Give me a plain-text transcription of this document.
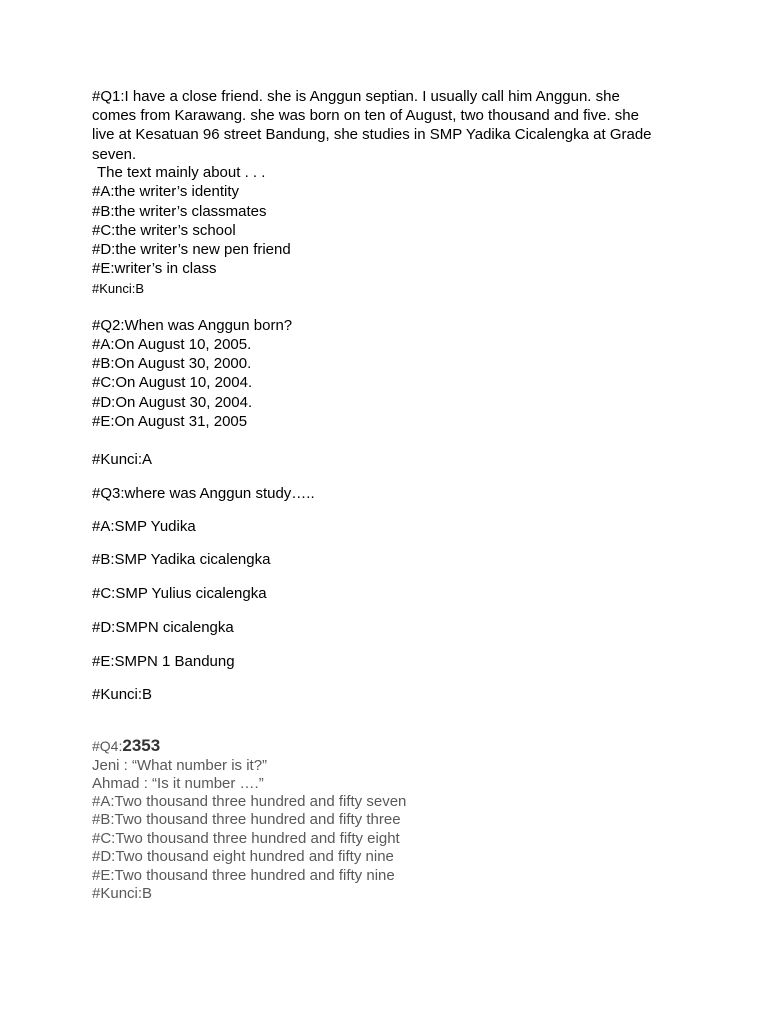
#Q1:I have a close friend. she is Anggun septian. I usually call him Anggun. she
comes from Karawang. she was born on ten of August, two thousand and five. she
live at Kesatuan 96 street Bandung, she studies in SMP Yadika Cicalengka at Grade
seven.
The text mainly about . . .
#A:the writer’s identity
#B:the writer’s classmates
#C:the writer’s school
#D:the writer’s new pen friend
#E:writer’s in class
#Kunci:B
#Q2:When was Anggun born?
#A:On August 10, 2005.
#B:On August 30, 2000.
#C:On August 10, 2004.
#D:On August 30, 2004.
#E:On August 31, 2005
#Kunci:A
#Q3:where was Anggun study…..
#A:SMP Yudika
#B:SMP Yadika cicalengka
#C:SMP Yulius cicalengka
#D:SMPN cicalengka
#E:SMPN 1 Bandung
#Kunci:B
#Q4:2353
Jeni : “What number is it?”
Ahmad : “Is it number ….”
#A:Two thousand three hundred and fifty seven
#B:Two thousand three hundred and fifty three
#C:Two thousand three hundred and fifty eight
#D:Two thousand eight hundred and fifty nine
#E:Two thousand three hundred and fifty nine
#Kunci:B
